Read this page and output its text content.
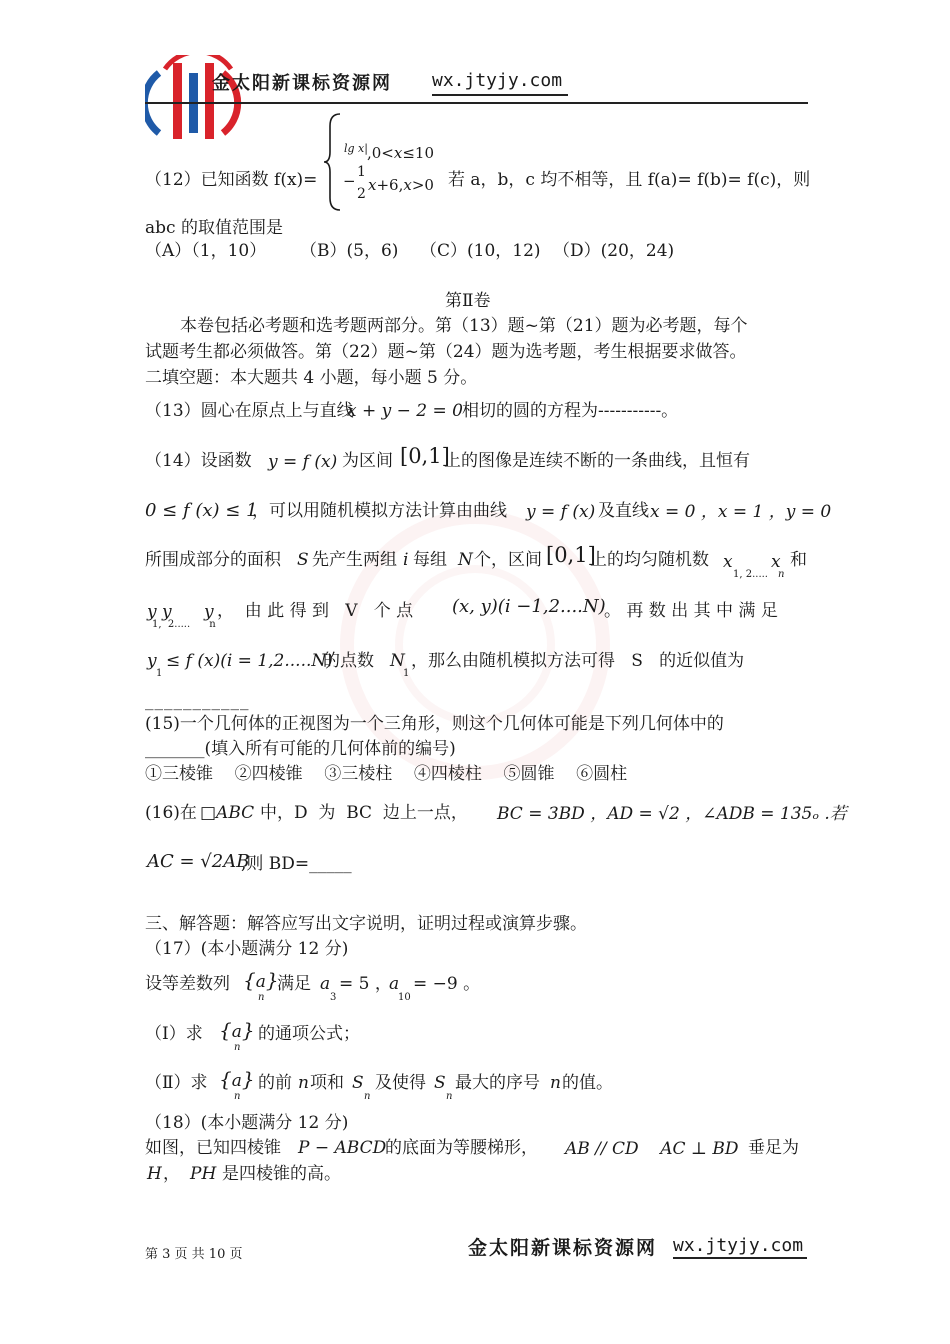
金太阳新课标资源网 wx.jtyjy.com
（12）已知函数 f(x)=
lg x| ,0<x≤10
− 1
2 x+6,x>0 若 a，b，c 均不相等，且 f(a)= f(b)= f(c)，则
abc 的取值范围是
（A）（1，10） （B）(5，6) （C）(10，12) （D）(20，24)
第Ⅱ卷
本卷包括必考题和选考题两部分。第（13）题~第（21）题为必考题，每个
试题考生都必须做答。第（22）题~第（24）题为选考题，考生根据要求做答。
二填空题：本大题共 4 小题，每小题 5 分。
（13）圆心在原点上与直线
x + y − 2 = 0 相切的圆的方程为-----------。
（14）设函数 y = f (x) 为区间 [0,1]
上的图像是连续不断的一条曲线，且恒有
0 ≤ f (x) ≤ 1
，可以用随机模拟方法计算由曲线 y = f (x) 及直线 x = 0 ，x = 1 ，y = 0
所围成部分的面积 S 先产生两组 i 每组 N 个，区间 [0,1]
上的均匀随机数 x
1, 2.....
x
n
和
y y      y
1,  2.....      n
，  由 此 得 到   V   个 点 (x, y)(i −1,2....N)
。 再 数 出 其 中 满 足
y
1
≤ f (x)(i = 1,2.....N)
的点数 N
1
，那么由随机模拟方法可得   S   的近似值为
___________
(15)一个几何体的正视图为一个三角形，则这个几何体可能是下列几何体中的
_______(填入所有可能的几何体前的编号)
①三棱锥    ②四棱锥    ③三棱柱    ④四棱柱    ⑤圆锥    ⑥圆柱
(16)在 □ABC 中，D  为  BC  边上一点， BC = 3BD ，AD = √2 ，∠ADB = 135ₒ .若
AC = √2AB
,则 BD=_____
三、解答题：解答应写出文字说明，证明过程或演算步骤。
（17）(本小题满分 12 分)
设等差数列 {a}
n
满足 a
3
= 5 ，
a
10
= −9 。
（Ⅰ）求 {a}
n
的通项公式；
（Ⅱ）求 {a}
n
的前 n 项和 S
n
及使得 S
n
最大的序号 n 的值。
（18）(本小题满分 12 分)
如图，已知四棱锥 P − ABCD
的底面为等腰梯形， AB // CD    AC ⊥ BD 垂足为
H ， PH 是四棱锥的高。
第 3 页 共 10 页	金太阳新课标资源网 wx.jtyjy.com
